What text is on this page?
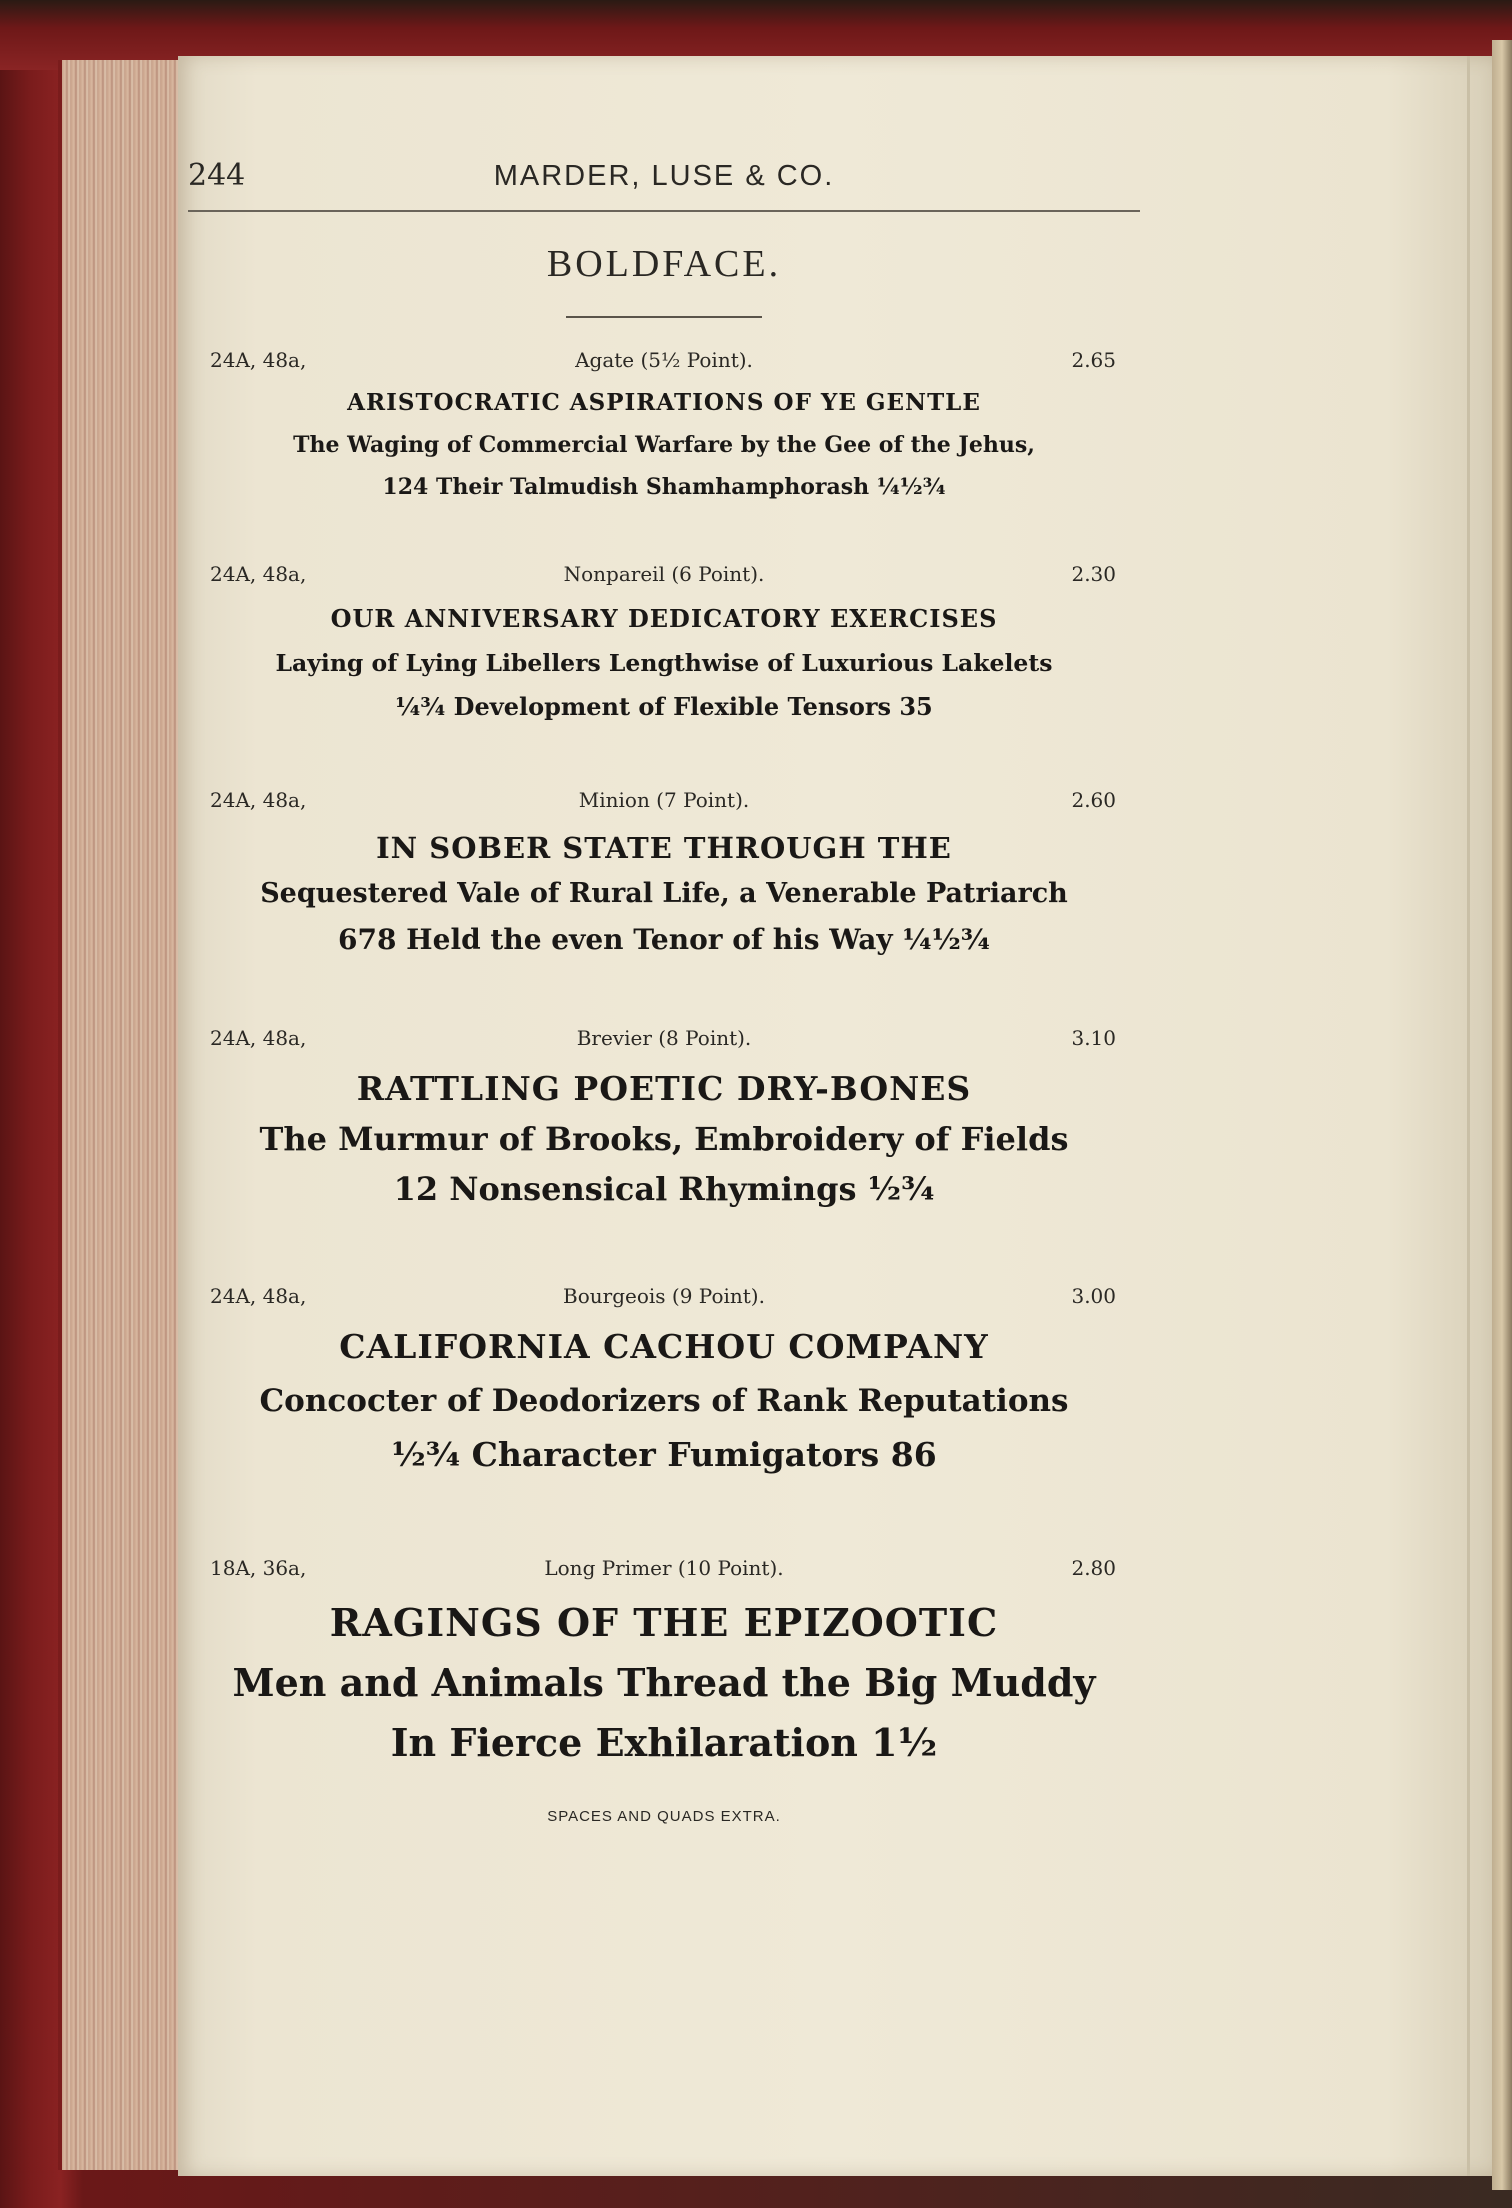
244	MARDER, LUSE & CO.
BOLDFACE.
24A, 48a,	Agate (5½ Point).	2.65
ARISTOCRATIC ASPIRATIONS OF YE GENTLE
The Waging of Commercial Warfare by the Gee of the Jehus,
124 Their Talmudish Shamhamphorash ¼½¾
24A, 48a,	Nonpareil (6 Point).	2.30
OUR ANNIVERSARY DEDICATORY EXERCISES
Laying of Lying Libellers Lengthwise of Luxurious Lakelets
¼¾ Development of Flexible Tensors 35
24A, 48a,	Minion (7 Point).	2.60
IN SOBER STATE THROUGH THE
Sequestered Vale of Rural Life, a Venerable Patriarch
678 Held the even Tenor of his Way ¼½¾
24A, 48a,	Brevier (8 Point).	3.10
RATTLING POETIC DRY-BONES
The Murmur of Brooks, Embroidery of Fields
12 Nonsensical Rhymings ½¾
24A, 48a,	Bourgeois (9 Point).	3.00
CALIFORNIA CACHOU COMPANY
Concocter of Deodorizers of Rank Reputations
½¾ Character Fumigators 86
18A, 36a,	Long Primer (10 Point).	2.80
RAGINGS OF THE EPIZOOTIC
Men and Animals Thread the Big Muddy
In Fierce Exhilaration 1½
SPACES AND QUADS EXTRA.
